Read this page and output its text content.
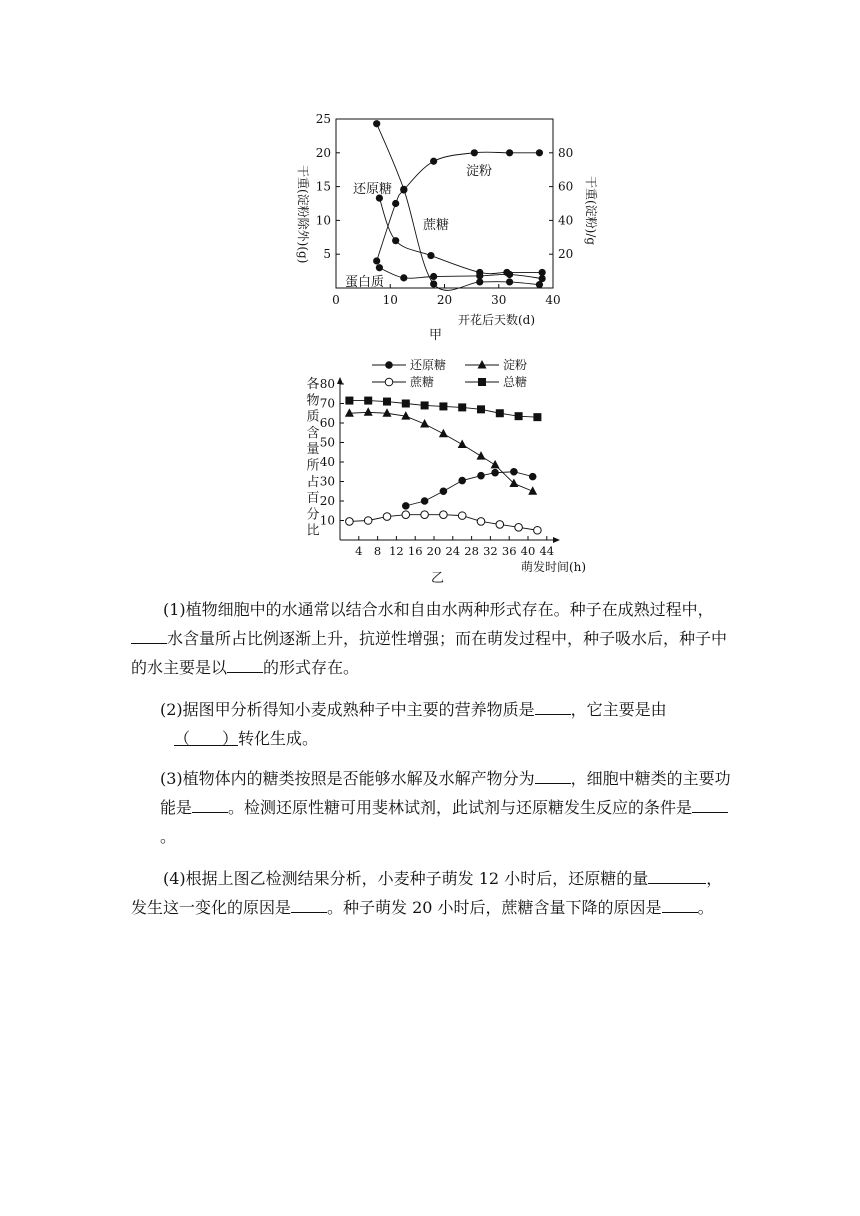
0	10	20	30	40
5
10
15
20
25
20
40
60
80
淀粉
还原糖
蔗糖
蛋白质
开花后天数(d)
甲
干重(淀粉除外)(g)	干重(淀粉)/g
10
20
30
40
50
60
70
80
4 8 12 16 20 24 28 32 36 40 44
还原糖	淀粉
蔗糖	总糖
萌发时间(h)
乙
各
物
质
含
量
所
占
百
分
比

(1)植物细胞中的水通常以结合水和自由水两种形式存在。种子在成熟过程中，水含量所占比例逐渐上升，抗逆性增强；而在萌发过程中，种子吸水后，种子中的水主要是以 的形式存在。

(2)据图甲分析得知小麦成熟种子中主要的营养物质是 ，它主要是由
（　　）转化生成。

(3)植物体内的糖类按照是否能够水解及水解产物分为 ，细胞中糖类的主要功能是 。检测还原性糖可用斐林试剂，此试剂与还原糖发生反应的条件是。

(4)根据上图乙检测结果分析，小麦种子萌发 12 小时后，还原糖的量	，发生这一变化的原因是 。种子萌发 20 小时后，蔗糖含量下降的原因是 。
